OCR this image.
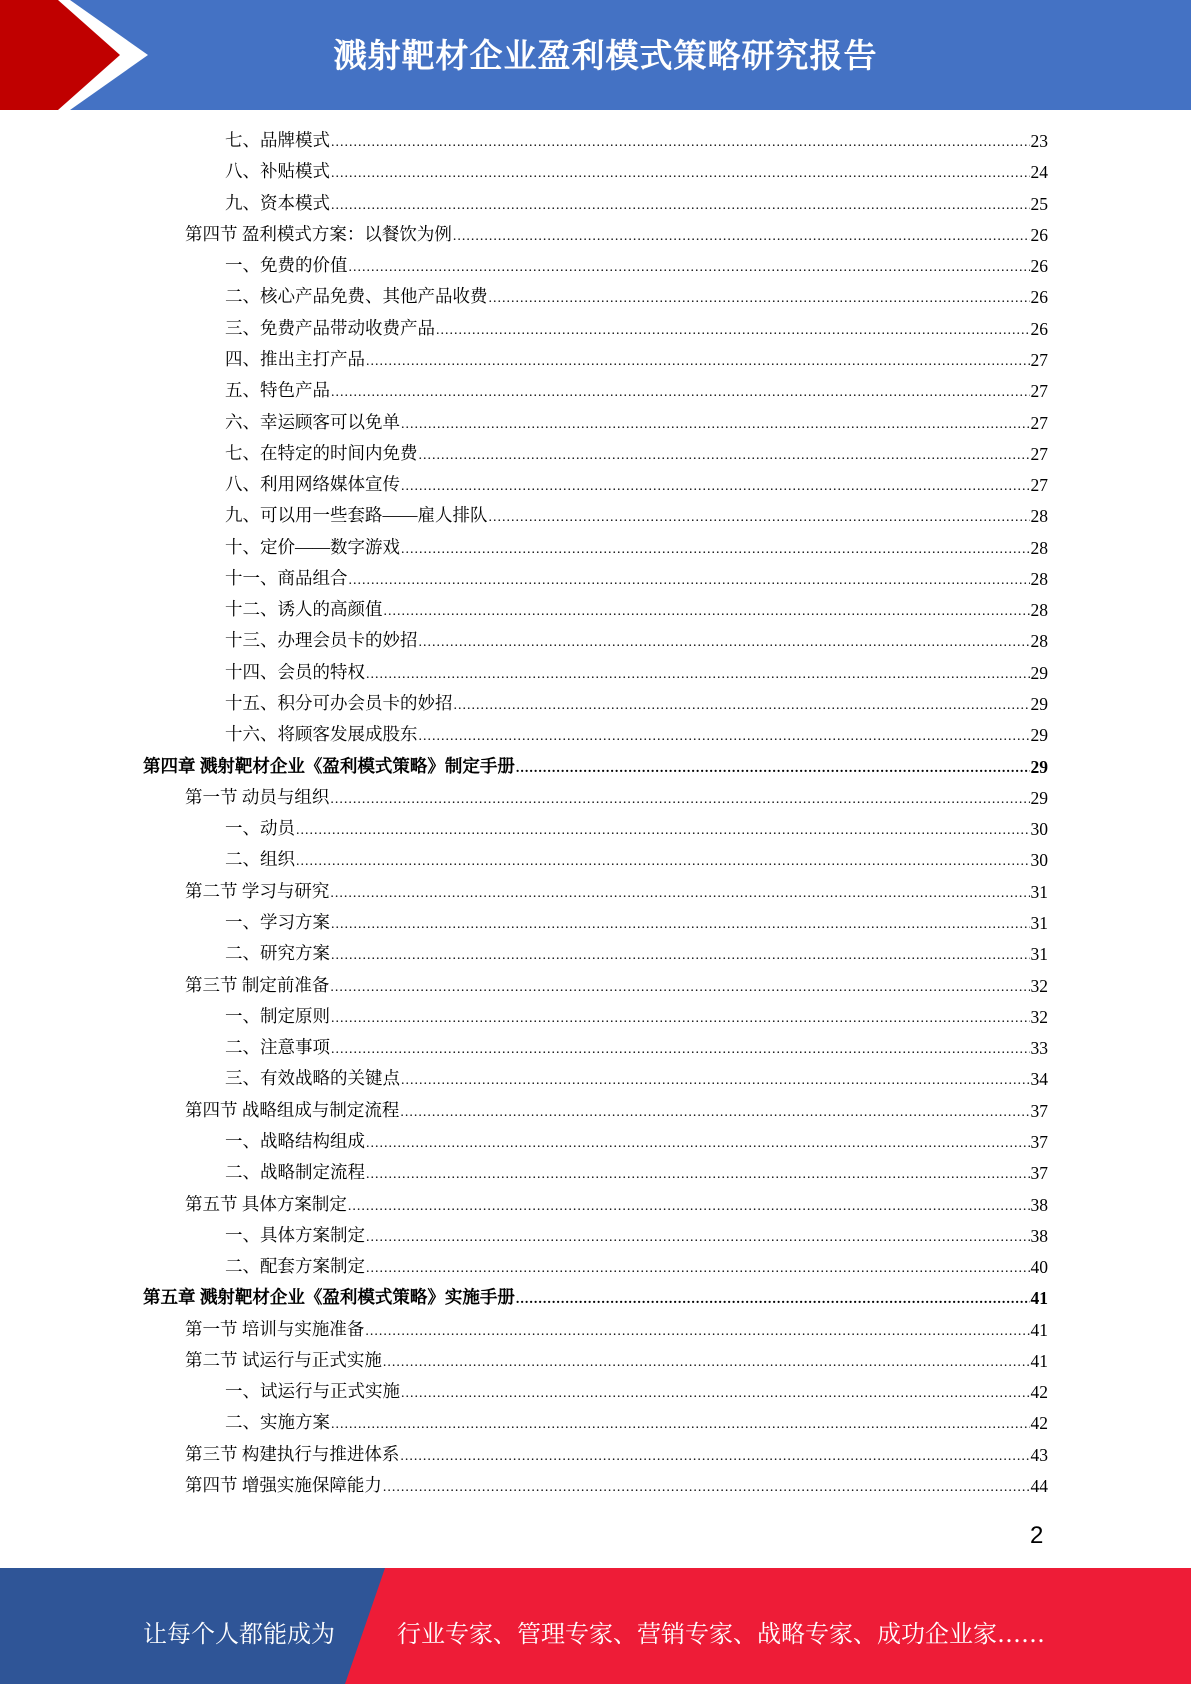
溅射靶材企业盈利模式策略研究报告
七、品牌模式 .....	23
八、补贴模式 .....	24
九、资本模式 .....	25
第四节 盈利模式方案：以餐饮为例 .....	26
一、免费的价值 .....	26
二、核心产品免费、其他产品收费 .....	26
三、免费产品带动收费产品 .....	26
四、推出主打产品 .....	27
五、特色产品 .....	27
六、幸运顾客可以免单 .....	27
七、在特定的时间内免费 .....	27
八、利用网络媒体宣传 .....	27
九、可以用一些套路——雇人排队 .....	28
十、定价——数字游戏 .....	28
十一、商品组合 .....	28
十二、诱人的高颜值 .....	28
十三、办理会员卡的妙招 .....	28
十四、会员的特权 .....	29
十五、积分可办会员卡的妙招 .....	29
十六、将顾客发展成股东 .....	29
第四章 溅射靶材企业《盈利模式策略》制定手册 .....	29
第一节 动员与组织 .....	29
一、动员 .....	30
二、组织 .....	30
第二节 学习与研究 .....	31
一、学习方案 .....	31
二、研究方案 .....	31
第三节 制定前准备 .....	32
一、制定原则 .....	32
二、注意事项 .....	33
三、有效战略的关键点 .....	34
第四节 战略组成与制定流程 .....	37
一、战略结构组成 .....	37
二、战略制定流程 .....	37
第五节 具体方案制定 .....	38
一、具体方案制定 .....	38
二、配套方案制定 .....	40
第五章 溅射靶材企业《盈利模式策略》实施手册 .....	41
第一节 培训与实施准备 .....	41
第二节 试运行与正式实施 .....	41
一、试运行与正式实施 .....	42
二、实施方案 .....	42
第三节 构建执行与推进体系 .....	43
第四节 增强实施保障能力 .....	44
2
让每个人都能成为	行业专家、管理专家、营销专家、战略专家、成功企业家……
